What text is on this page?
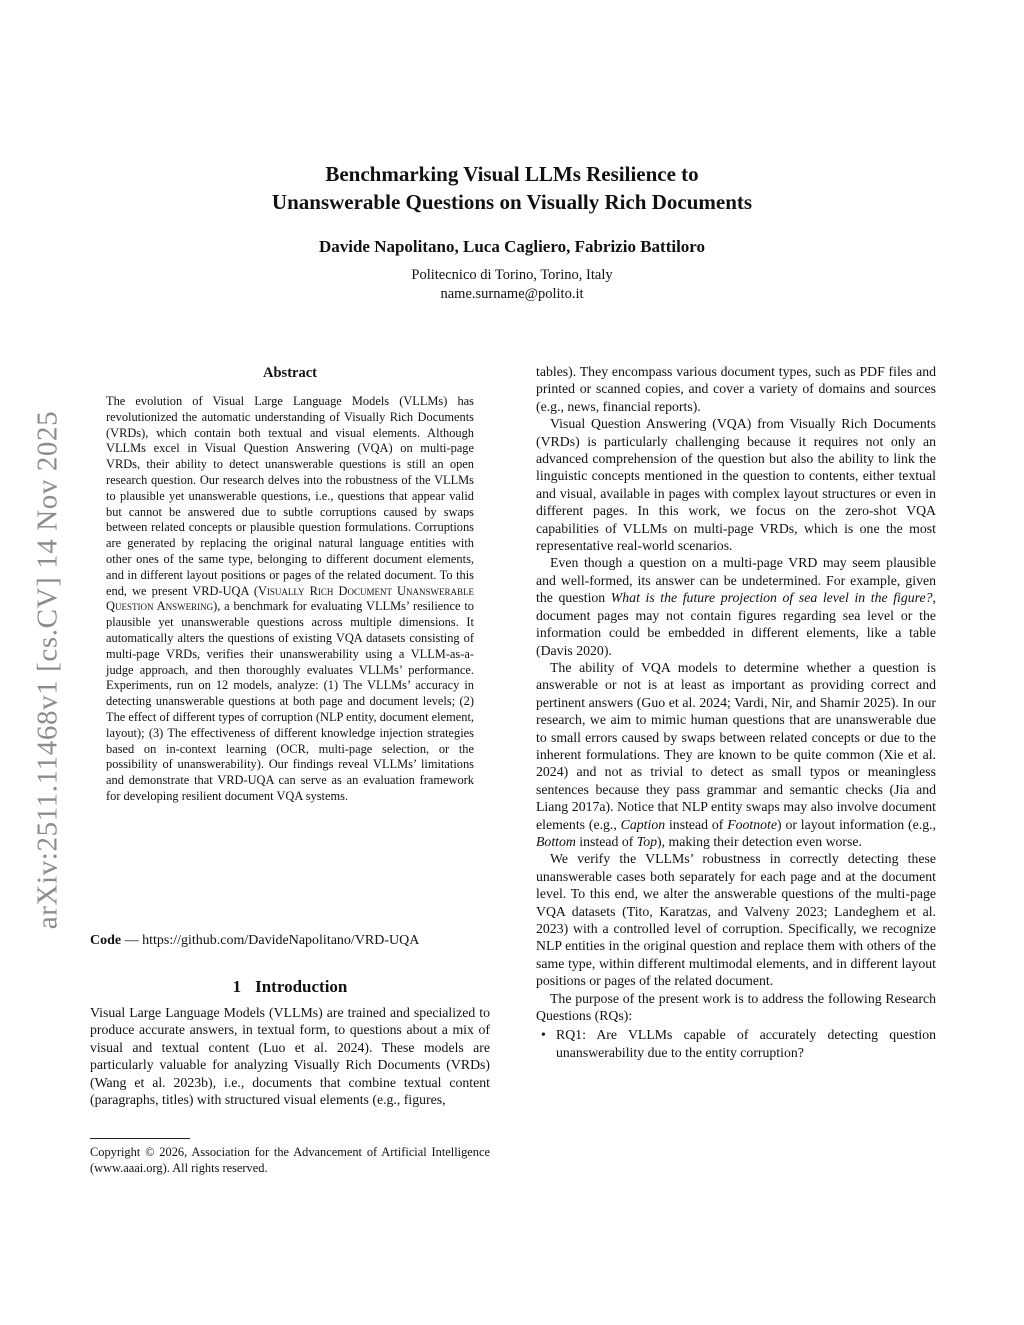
arXiv:2511.11468v1 [cs.CV] 14 Nov 2025
Benchmarking Visual LLMs Resilience to
Unanswerable Questions on Visually Rich Documents
Davide Napolitano, Luca Cagliero, Fabrizio Battiloro
Politecnico di Torino, Torino, Italy
name.surname@polito.it
Abstract
The evolution of Visual Large Language Models (VLLMs) has revolutionized the automatic understanding of Visually Rich Documents (VRDs), which contain both textual and visual elements. Although VLLMs excel in Visual Question Answering (VQA) on multi-page VRDs, their ability to detect unanswerable questions is still an open research question. Our research delves into the robustness of the VLLMs to plausible yet unanswerable questions, i.e., questions that appear valid but cannot be answered due to subtle corruptions caused by swaps between related concepts or plausible question formulations. Corruptions are generated by replacing the original natural language entities with other ones of the same type, belonging to different document elements, and in different layout positions or pages of the related document. To this end, we present VRD-UQA (Visually Rich Document Unanswerable Question Answering), a benchmark for evaluating VLLMs’ resilience to plausible yet unanswerable questions across multiple dimensions. It automatically alters the questions of existing VQA datasets consisting of multi-page VRDs, verifies their unanswerability using a VLLM-as-a-judge approach, and then thoroughly evaluates VLLMs’ performance. Experiments, run on 12 models, analyze: (1) The VLLMs’ accuracy in detecting unanswerable questions at both page and document levels; (2) The effect of different types of corruption (NLP entity, document element, layout); (3) The effectiveness of different knowledge injection strategies based on in-context learning (OCR, multi-page selection, or the possibility of unanswerability). Our findings reveal VLLMs’ limitations and demonstrate that VRD-UQA can serve as an evaluation framework for developing resilient document VQA systems.
Code — https://github.com/DavideNapolitano/VRD-UQA
1 Introduction

Visual Large Language Models (VLLMs) are trained and specialized to produce accurate answers, in textual form, to questions about a mix of visual and textual content (Luo et al. 2024). These models are particularly valuable for analyzing Visually Rich Documents (VRDs) (Wang et al. 2023b), i.e., documents that combine textual content (paragraphs, titles) with structured visual elements (e.g., figures,

Copyright © 2026, Association for the Advancement of Artificial Intelligence (www.aaai.org). All rights reserved.

tables). They encompass various document types, such as PDF files and printed or scanned copies, and cover a variety of domains and sources (e.g., news, financial reports).

Visual Question Answering (VQA) from Visually Rich Documents (VRDs) is particularly challenging because it requires not only an advanced comprehension of the question but also the ability to link the linguistic concepts mentioned in the question to contents, either textual and visual, available in pages with complex layout structures or even in different pages. In this work, we focus on the zero-shot VQA capabilities of VLLMs on multi-page VRDs, which is one the most representative real-world scenarios.

Even though a question on a multi-page VRD may seem plausible and well-formed, its answer can be undetermined. For example, given the question What is the future projection of sea level in the figure?, document pages may not contain figures regarding sea level or the information could be embedded in different elements, like a table (Davis 2020).

The ability of VQA models to determine whether a question is answerable or not is at least as important as providing correct and pertinent answers (Guo et al. 2024; Vardi, Nir, and Shamir 2025). In our research, we aim to mimic human questions that are unanswerable due to small errors caused by swaps between related concepts or due to the inherent formulations. They are known to be quite common (Xie et al. 2024) and not as trivial to detect as small typos or meaningless sentences because they pass grammar and semantic checks (Jia and Liang 2017a). Notice that NLP entity swaps may also involve document elements (e.g., Caption instead of Footnote) or layout information (e.g., Bottom instead of Top), making their detection even worse.

We verify the VLLMs’ robustness in correctly detecting these unanswerable cases both separately for each page and at the document level. To this end, we alter the answerable questions of the multi-page VQA datasets (Tito, Karatzas, and Valveny 2023; Landeghem et al. 2023) with a controlled level of corruption. Specifically, we recognize NLP entities in the original question and replace them with others of the same type, within different multimodal elements, and in different layout positions or pages of the related document.

The purpose of the present work is to address the following Research Questions (RQs):

• RQ1: Are VLLMs capable of accurately detecting question unanswerability due to the entity corruption?
